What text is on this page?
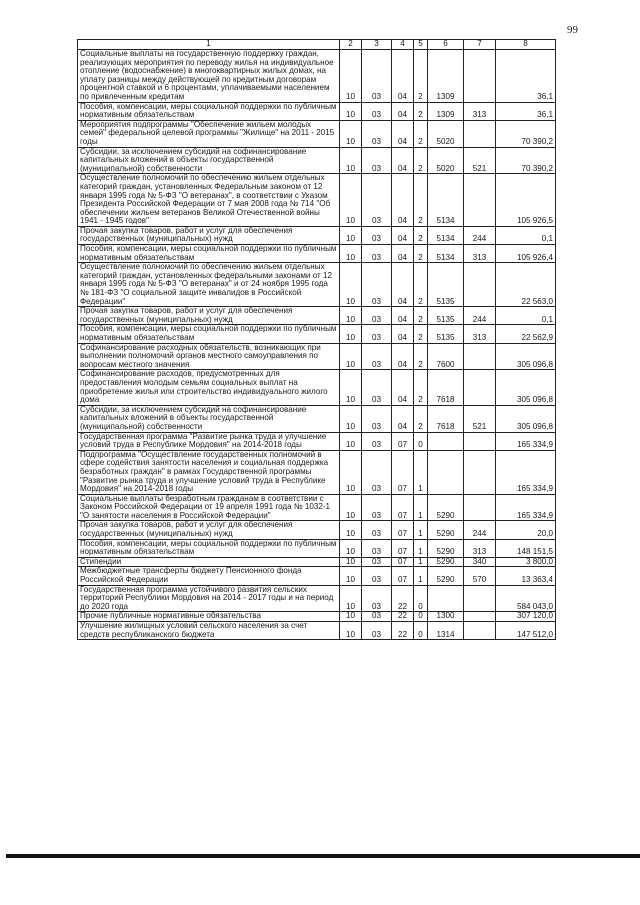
99
1	2	3	4	5	6	7	8
Социальные выплаты на государственную поддержку граждан, реализующих мероприятия по переводу жилья на индивидуальное отопление (водоснабжение) в многоквартирных жилых домах, на уплату разницы между действующей по кредитным договорам процентной ставкой и 6 процентами, уплачиваемыми населением по привлеченным кредитам	10	03	04	2	1309		36,1
Пособия, компенсации, меры социальной поддержки по публичным нормативным обязательствам	10	03	04	2	1309	313	36,1
Мероприятия подпрограммы "Обеспечение жильем молодых семей" федеральной целевой программы "Жилище" на 2011 - 2015 годы	10	03	04	2	5020		70 390,2
Субсидии, за исключением субсидий на софинансирование капитальных вложений в объекты государственной (муниципальной) собственности	10	03	04	2	5020	521	70 390,2
Осуществление полномочий по обеспечению жильем отдельных категорий граждан, установленных Федеральным законом от 12 января 1995 года № 5-ФЗ "О ветеранах", в соответствии с Указом Президента Российской Федерации от 7 мая 2008 года № 714 "Об обеспечении жильем ветеранов Великой Отечественной войны 1941 - 1945 годов"	10	03	04	2	5134		105 926,5
Прочая закупка товаров, работ и услуг для обеспечения государственных (муниципальных) нужд	10	03	04	2	5134	244	0,1
Пособия, компенсации, меры социальной поддержки по публичным нормативным обязательствам	10	03	04	2	5134	313	105 926,4
Осуществление полномочий по обеспечению жильем отдельных категорий граждан, установленных федеральными законами от 12 января 1995 года № 5-ФЗ "О ветеранах" и от 24 ноября 1995 года № 181-ФЗ "О социальной защите инвалидов в Российской Федерации"	10	03	04	2	5135		22 563,0
Прочая закупка товаров, работ и услуг для обеспечения государственных (муниципальных) нужд	10	03	04	2	5135	244	0,1
Пособия, компенсации, меры социальной поддержки по публичным нормативным обязательствам	10	03	04	2	5135	313	22 562,9
Софинансирование расходных обязательств, возникающих при выполнении полномочий органов местного самоуправления по вопросам местного значения	10	03	04	2	7600		305 096,8
Софинансирование расходов, предусмотренных для предоставления молодым семьям социальных выплат на приобретение жилья или строительство индивидуального жилого дома	10	03	04	2	7618		305 096,8
Субсидии, за исключением субсидий на софинансирование капитальных вложений в объекты государственной (муниципальной) собственности	10	03	04	2	7618	521	305 096,8
Государственная программа "Развитие рынка труда и улучшение условий труда в Республике Мордовия" на 2014-2018 годы	10	03	07	0			165 334,9
Подпрограмма "Осуществление государственных полномочий в сфере содействия занятости населения и социальная поддержка безработных граждан" в рамках Государственной программы "Развитие рынка труда и улучшение условий труда в Республике Мордовия" на 2014-2018 годы	10	03	07	1			165 334,9
Социальные выплаты безработным гражданам в соответствии с Законом Российской Федерации от 19 апреля 1991 года № 1032-1 "О занятости населения в Российской Федерации"	10	03	07	1	5290		165 334,9
Прочая закупка товаров, работ и услуг для обеспечения государственных (муниципальных) нужд	10	03	07	1	5290	244	20,0
Пособия, компенсации, меры социальной поддержки по публичным нормативным обязательствам	10	03	07	1	5290	313	148 151,5
Стипендии	10	03	07	1	5290	340	3 800,0
Межбюджетные трансферты бюджету Пенсионного фонда Российской Федерации	10	03	07	1	5290	570	13 363,4
Государственная программа устойчивого развития сельских территорий Республики Мордовия на 2014 - 2017 годы и на период до 2020 года	10	03	22	0			584 043,0
Прочие публичные нормативные обязательства	10	03	22	0	1300		307 120,0
Улучшение жилищных условий сельского населения за счет средств республиканского бюджета	10	03	22	0	1314		147 512,0
